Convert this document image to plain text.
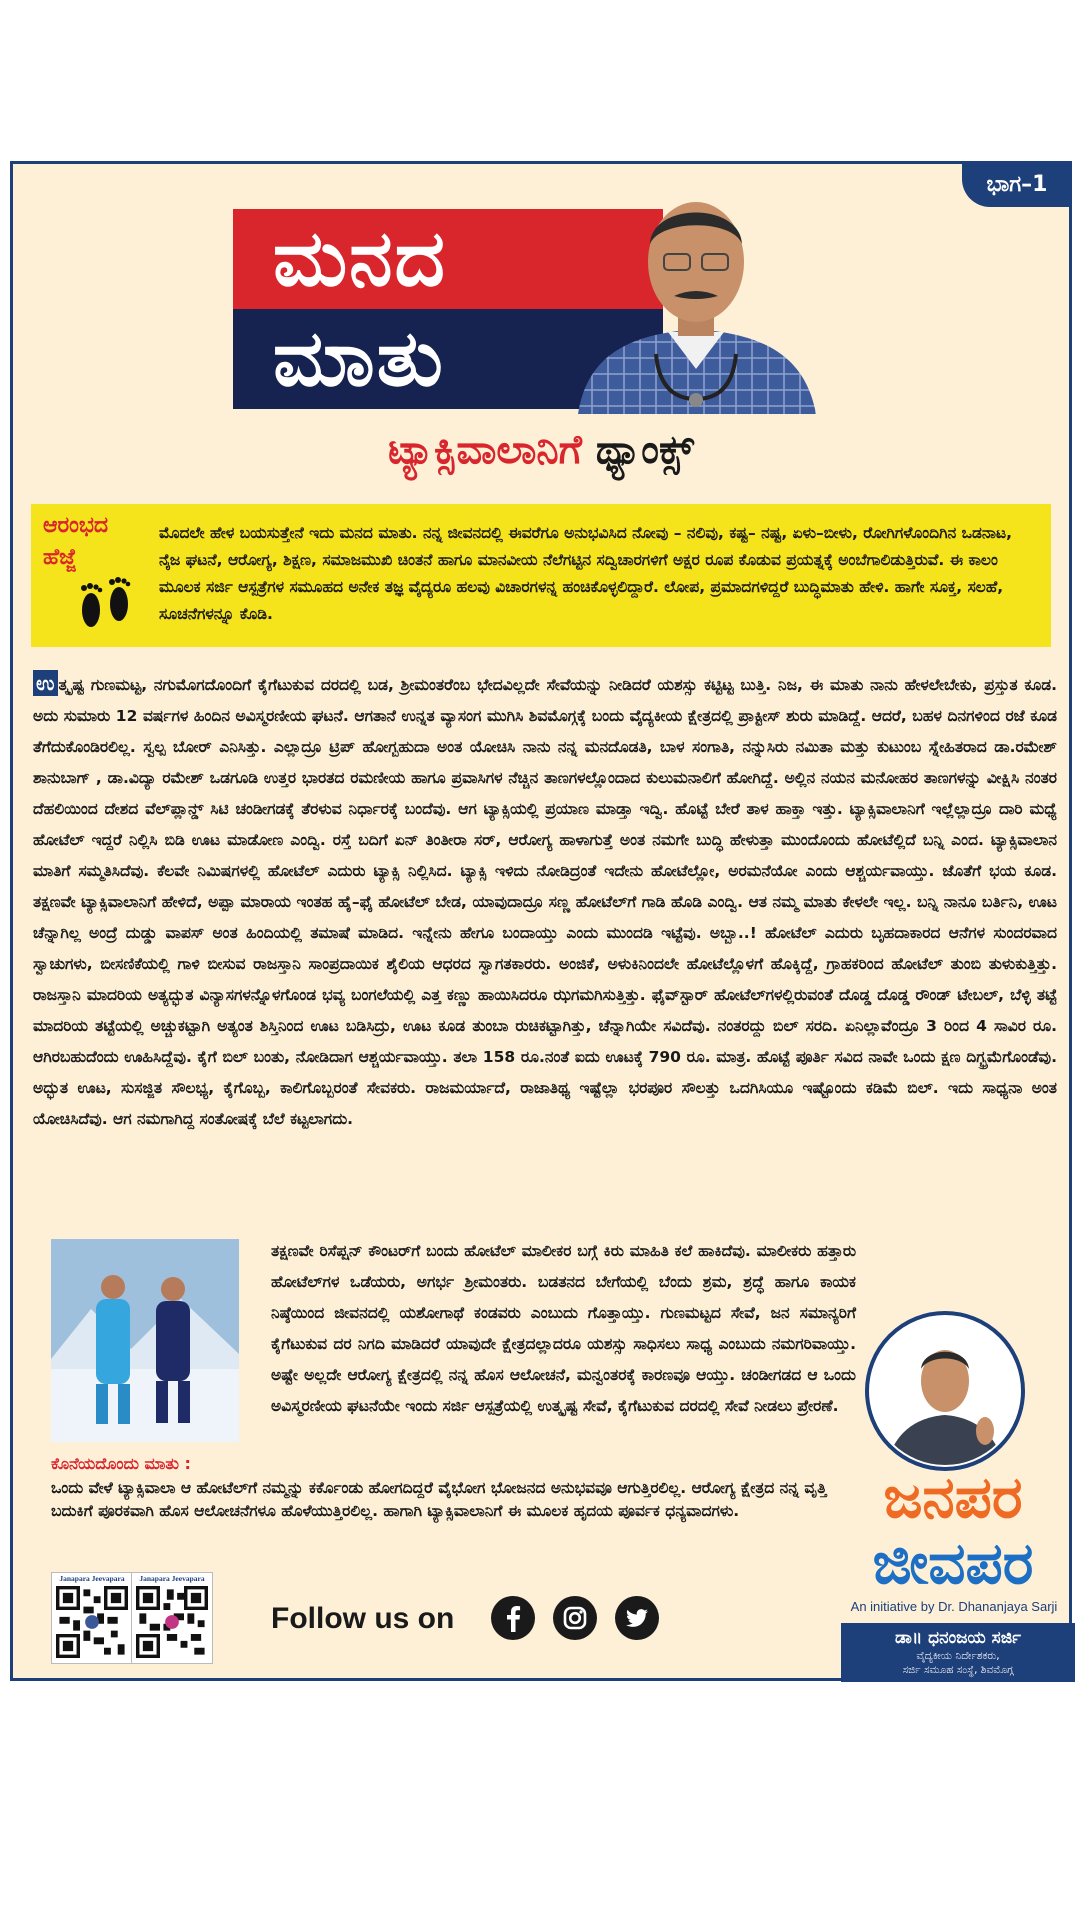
ಭಾಗ–1
ಮನದ
ಮಾತು
ಟ್ಯಾಕ್ಸಿವಾಲಾನಿಗೆ ಥ್ಯಾಂಕ್ಸ್
ಆರಂಭದ
ಹೆಜ್ಜೆ
ಮೊದಲೇ ಹೇಳ ಬಯಸುತ್ತೇನೆ ಇದು ಮನದ ಮಾತು. ನನ್ನ ಜೀವನದಲ್ಲಿ ಈವರೆಗೂ ಅನುಭವಿಸಿದ ನೋವು – ನಲಿವು, ಕಷ್ಟ– ನಷ್ಟ, ಏಳು–ಬೀಳು, ರೋಗಿಗಳೊಂದಿಗಿನ ಒಡನಾಟ, ನೈಜ ಘಟನೆ, ಆರೋಗ್ಯ, ಶಿಕ್ಷಣ, ಸಮಾಜಮುಖಿ ಚಿಂತನೆ ಹಾಗೂ ಮಾನವೀಯ ನೆಲೆಗಟ್ಟಿನ ಸದ್ವಿಚಾರಗಳಿಗೆ ಅಕ್ಷರ ರೂಪ ಕೊಡುವ ಪ್ರಯತ್ನಕ್ಕೆ ಅಂಬೆಗಾಲಿಡುತ್ತಿರುವೆ. ಈ ಕಾಲಂ ಮೂಲಕ ಸರ್ಜಿ ಆಸ್ಪತ್ರೆಗಳ ಸಮೂಹದ ಅನೇಕ ತಜ್ಞ ವೈದ್ಯರೂ ಹಲವು ವಿಚಾರಗಳನ್ನ ಹಂಚಿಕೊಳ್ಳಲಿದ್ದಾರೆ. ಲೋಪ, ಪ್ರಮಾದಗಳಿದ್ದರೆ ಬುದ್ಧಿಮಾತು ಹೇಳಿ. ಹಾಗೇ ಸೂಕ್ತ, ಸಲಹೆ, ಸೂಚನೆಗಳನ್ನೂ ಕೊಡಿ.
ಉ ತ್ಕೃಷ್ಟ ಗುಣಮಟ್ಟ, ನಗುಮೊಗದೊಂದಿಗೆ ಕೈಗೆಟುಕುವ ದರದಲ್ಲಿ ಬಡ, ಶ್ರೀಮಂತರೆಂಬ ಭೇದವಿಲ್ಲದೇ ಸೇವೆಯನ್ನು ನೀಡಿದರೆ ಯಶಸ್ಸು ಕಟ್ಟಿಟ್ಟ ಬುತ್ತಿ. ನಿಜ, ಈ ಮಾತು ನಾನು ಹೇಳಲೇಬೇಕು, ಪ್ರಸ್ತುತ ಕೂಡ. ಅದು ಸುಮಾರು 12 ವರ್ಷಗಳ ಹಿಂದಿನ ಅವಿಸ್ಮರಣೀಯ ಘಟನೆ. ಆಗತಾನೆ ಉನ್ನತ ವ್ಯಾಸಂಗ ಮುಗಿಸಿ ಶಿವಮೊಗ್ಗಕ್ಕೆ ಬಂದು ವೈದ್ಯಕೀಯ ಕ್ಷೇತ್ರದಲ್ಲಿ ಪ್ರಾಕ್ಟೀಸ್ ಶುರು ಮಾಡಿದ್ದೆ. ಆದರೆ, ಬಹಳ ದಿನಗಳಿಂದ ರಜೆ ಕೂಡ ತೆಗೆದುಕೊಂಡಿರಲಿಲ್ಲ. ಸ್ವಲ್ಪ ಬೋರ್ ಎನಿಸಿತ್ತು. ಎಲ್ಲಾದ್ರೂ ಟ್ರಿಪ್ ಹೋಗ್ಬಹುದಾ ಅಂತ ಯೋಚಿಸಿ ನಾನು ನನ್ನ ಮನದೊಡತಿ, ಬಾಳ ಸಂಗಾತಿ, ನನ್ನುಸಿರು ನಮಿತಾ ಮತ್ತು ಕುಟುಂಬ ಸ್ನೇಹಿತರಾದ ಡಾ.ರಮೇಶ್ ಶಾನುಬಾಗ್ , ಡಾ.ವಿದ್ಯಾ ರಮೇಶ್ ಒಡಗೂಡಿ ಉತ್ತರ ಭಾರತದ ರಮಣೀಯ ಹಾಗೂ ಪ್ರವಾಸಿಗಳ ನೆಚ್ಚಿನ ತಾಣಗಳಲ್ಲೊಂದಾದ ಕುಲುಮನಾಲಿಗೆ ಹೋಗಿದ್ದೆ. ಅಲ್ಲಿನ ನಯನ ಮನೋಹರ ತಾಣಗಳನ್ನು ವೀಕ್ಷಿಸಿ ನಂತರ ದೆಹಲಿಯಿಂದ ದೇಶದ ವೆಲ್‌ಪ್ಲಾನ್ಡ್ ಸಿಟಿ ಚಂಡೀಗಡಕ್ಕೆ ತೆರಳುವ ನಿರ್ಧಾರಕ್ಕೆ ಬಂದೆವು. ಆಗ ಟ್ಯಾಕ್ಸಿಯಲ್ಲಿ ಪ್ರಯಾಣ ಮಾಡ್ತಾ ಇದ್ವಿ. ಹೊಟ್ಟೆ ಬೇರೆ ತಾಳ ಹಾಕ್ತಾ ಇತ್ತು. ಟ್ಯಾಕ್ಸಿವಾಲಾನಿಗೆ ಇಲ್ಲೆಲ್ಲಾದ್ರೂ ದಾರಿ ಮಧ್ಯೆ ಹೋಟೆಲ್ ಇದ್ದರೆ ನಿಲ್ಲಿಸಿ ಬಿಡಿ ಊಟ ಮಾಡೋಣ ಎಂದ್ವಿ. ರಸ್ತೆ ಬದಿಗೆ ಏನ್ ತಿಂತೀರಾ ಸರ್, ಆರೋಗ್ಯ ಹಾಳಾಗುತ್ತೆ ಅಂತ ನಮಗೇ ಬುದ್ಧಿ ಹೇಳುತ್ತಾ ಮುಂದೊಂದು ಹೋಟೆಲ್ಲಿದೆ ಬನ್ನಿ ಎಂದ. ಟ್ಯಾಕ್ಸಿವಾಲಾನ ಮಾತಿಗೆ ಸಮ್ಮತಿಸಿದೆವು. ಕೆಲವೇ ನಿಮಿಷಗಳಲ್ಲಿ ಹೋಟೆಲ್ ಎದುರು ಟ್ಯಾಕ್ಸಿ ನಿಲ್ಲಿಸಿದ. ಟ್ಯಾಕ್ಸಿ ಇಳಿದು ನೋಡಿದ್ರಂತೆ ಇದೇನು ಹೋಟೆಲ್ಲೋ, ಅರಮನೆಯೋ ಎಂದು ಆಶ್ಚರ್ಯವಾಯ್ತು. ಜೊತೆಗೆ ಭಯ ಕೂಡ. ತಕ್ಷಣವೇ ಟ್ಯಾಕ್ಸಿವಾಲಾನಿಗೆ ಹೇಳಿದೆ, ಅಪ್ಪಾ ಮಾರಾಯ ಇಂತಹ ಹೈ–ಫೈ ಹೋಟೆಲ್ ಬೇಡ, ಯಾವುದಾದ್ರೂ ಸಣ್ಣ ಹೋಟೆಲ್‌ಗೆ ಗಾಡಿ ಹೊಡಿ ಎಂದ್ವಿ. ಆತ ನಮ್ಮ ಮಾತು ಕೇಳಲೇ ಇಲ್ಲ. ಬನ್ನಿ ನಾನೂ ಬರ್ತಿನಿ, ಊಟ ಚೆನ್ನಾಗಿಲ್ಲ ಅಂದ್ರೆ ದುಡ್ಡು ವಾಪಸ್ ಅಂತ ಹಿಂದಿಯಲ್ಲಿ ತಮಾಷೆ ಮಾಡಿದ. ಇನ್ನೇನು ಹೇಗೂ ಬಂದಾಯ್ತು ಎಂದು ಮುಂದಡಿ ಇಟ್ಟೆವು. ಅಬ್ಬಾ..! ಹೋಟೆಲ್ ಎದುರು ಬೃಹದಾಕಾರದ ಆನೆಗಳ ಸುಂದರವಾದ ಸ್ವಾಚುಗಳು, ಬೀಸಣಿಕೆಯಲ್ಲಿ ಗಾಳಿ ಬೀಸುವ ರಾಜಸ್ತಾನಿ ಸಾಂಪ್ರದಾಯಿಕ ಶೈಲಿಯ ಆಧರದ ಸ್ವಾಗತಕಾರರು. ಅಂಜಿಕೆ, ಅಳುಕಿನಿಂದಲೇ ಹೋಟೆಲ್ಲೊಳಗೆ ಹೊಕ್ಕಿದ್ದೆ, ಗ್ರಾಹಕರಿಂದ ಹೋಟೆಲ್ ತುಂಬಿ ತುಳುಕುತ್ತಿತ್ತು. ರಾಜಸ್ತಾನಿ ಮಾದರಿಯ ಅತ್ಯದ್ಭುತ ವಿನ್ಯಾಸಗಳನ್ನೊಳಗೊಂಡ ಭವ್ಯ ಬಂಗಲೆಯಲ್ಲಿ ಎತ್ತ ಕಣ್ಣು ಹಾಯಿಸಿದರೂ ಝಗಮಗಿಸುತ್ತಿತ್ತು. ಫೈವ್‌ಸ್ಟಾರ್ ಹೋಟೆಲ್‌ಗಳಲ್ಲಿರುವಂತೆ ದೊಡ್ಡ ದೊಡ್ಡ ರೌಂಡ್ ಟೇಬಲ್, ಬೆಳ್ಳಿ ತಟ್ಟೆ ಮಾದರಿಯ ತಟ್ಟೆಯಲ್ಲಿ ಅಚ್ಚುಕಟ್ಟಾಗಿ ಅತ್ಯಂತ ಶಿಸ್ತಿನಿಂದ ಊಟ ಬಡಿಸಿದ್ರು, ಊಟ ಕೂಡ ತುಂಬಾ ರುಚಿಕಟ್ಟಾಗಿತ್ತು, ಚೆನ್ನಾಗಿಯೇ ಸವಿದೆವು. ನಂತರದ್ದು ಬಿಲ್ ಸರದಿ. ಏನಿಲ್ಲಾವೆಂದ್ರೂ 3 ರಿಂದ 4 ಸಾವಿರ ರೂ. ಆಗಿರಬಹುದೆಂದು ಊಹಿಸಿದ್ದೆವು. ಕೈಗೆ ಬಿಲ್ ಬಂತು, ನೋಡಿದಾಗ ಆಶ್ಚರ್ಯವಾಯ್ತು. ತಲಾ 158 ರೂ.ನಂತೆ ಐದು ಊಟಕ್ಕೆ 790 ರೂ. ಮಾತ್ರ. ಹೊಟ್ಟೆ ಪೂರ್ತಿ ಸವಿದ ನಾವೇ ಒಂದು ಕ್ಷಣ ದಿಗ್ಭ್ರಮೆಗೊಂಡೆವು. ಅದ್ಭುತ ಊಟ, ಸುಸಜ್ಜಿತ ಸೌಲಭ್ಯ, ಕೈಗೊಬ್ಬ, ಕಾಲಿಗೊಬ್ಬರಂತೆ ಸೇವಕರು. ರಾಜಮರ್ಯಾದೆ, ರಾಜಾತಿಥ್ಯ ಇಷ್ಟೆಲ್ಲಾ ಭರಪೂರ ಸೌಲತ್ತು ಒದಗಿಸಿಯೂ ಇಷ್ಟೊಂದು ಕಡಿಮೆ ಬಿಲ್. ಇದು ಸಾಧ್ಯನಾ ಅಂತ ಯೋಚಿಸಿದೆವು. ಆಗ ನಮಗಾಗಿದ್ದ ಸಂತೋಷಕ್ಕೆ ಬೆಲೆ ಕಟ್ಟಲಾಗದು.
ತಕ್ಷಣವೇ ರಿಸೆಪ್ಷನ್ ಕೌಂಟರ್‌ಗೆ ಬಂದು ಹೋಟೆಲ್ ಮಾಲೀಕರ ಬಗ್ಗೆ ಕಿರು ಮಾಹಿತಿ ಕಲೆ ಹಾಕಿದೆವು. ಮಾಲೀಕರು ಹತ್ತಾರು ಹೋಟೆಲ್‌ಗಳ ಒಡೆಯರು, ಅಗರ್ಭ ಶ್ರೀಮಂತರು. ಬಡತನದ ಬೇಗೆಯಲ್ಲಿ ಬೆಂದು ಶ್ರಮ, ಶ್ರದ್ಧೆ ಹಾಗೂ ಕಾಯಕ ನಿಷ್ಠೆಯಿಂದ ಜೀವನದಲ್ಲಿ ಯಶೋಗಾಥೆ ಕಂಡವರು ಎಂಬುದು ಗೊತ್ತಾಯ್ತು. ಗುಣಮಟ್ಟದ ಸೇವೆ, ಜನ ಸಮಾನ್ಯರಿಗೆ ಕೈಗೆಟುಕುವ ದರ ನಿಗದಿ ಮಾಡಿದರೆ ಯಾವುದೇ ಕ್ಷೇತ್ರದಲ್ಲಾದರೂ ಯಶಸ್ಸು ಸಾಧಿಸಲು ಸಾಧ್ಯ ಎಂಬುದು ನಮಗರಿವಾಯ್ತು. ಅಷ್ಟೇ ಅಲ್ಲದೇ ಆರೋಗ್ಯ ಕ್ಷೇತ್ರದಲ್ಲಿ ನನ್ನ ಹೊಸ ಆಲೋಚನೆ, ಮನ್ವಂತರಕ್ಕೆ ಕಾರಣವೂ ಆಯ್ತು. ಚಂಡೀಗಡದ ಆ ಒಂದು ಅವಿಸ್ಮರಣೀಯ ಘಟನೆಯೇ ಇಂದು ಸರ್ಜಿ ಆಸ್ಪತ್ರೆಯಲ್ಲಿ ಉತ್ಕೃಷ್ಟ ಸೇವೆ, ಕೈಗೆಟುಕುವ ದರದಲ್ಲಿ ಸೇವೆ ನೀಡಲು ಪ್ರೇರಣೆ.
ಕೊನೆಯದೊಂದು ಮಾತು :
ಒಂದು ವೇಳೆ ಟ್ಯಾಕ್ಸಿವಾಲಾ ಆ ಹೋಟೆಲ್‌ಗೆ ನಮ್ಮನ್ನು ಕರ್ಕೊಂಡು ಹೋಗದಿದ್ದರೆ ವೈಭೋಗ ಭೋಜನದ ಅನುಭವವೂ ಆಗುತ್ತಿರಲಿಲ್ಲ. ಆರೋಗ್ಯ ಕ್ಷೇತ್ರದ ನನ್ನ ವೃತ್ತಿ ಬದುಕಿಗೆ ಪೂರಕವಾಗಿ ಹೊಸ ಆಲೋಚನೆಗಳೂ ಹೊಳೆಯುತ್ತಿರಲಿಲ್ಲ. ಹಾಗಾಗಿ ಟ್ಯಾಕ್ಸಿವಾಲಾನಿಗೆ ಈ ಮೂಲಕ ಹೃದಯ ಪೂರ್ವಕ ಧನ್ಯವಾದಗಳು.	ಜನಪರ
ಜೀವಪರ
An initiative by Dr. Dhananjaya Sarji
ಡಾ॥ ಧನಂಜಯ ಸರ್ಜಿ
ವೈದ್ಯಕೀಯ ನಿರ್ದೇಶಕರು,
ಸರ್ಜಿ ಸಮೂಹ ಸಂಸ್ಥೆ, ಶಿವಮೊಗ್ಗ
Janapara Jeevapara	Janapara Jeevapara
Follow us on
